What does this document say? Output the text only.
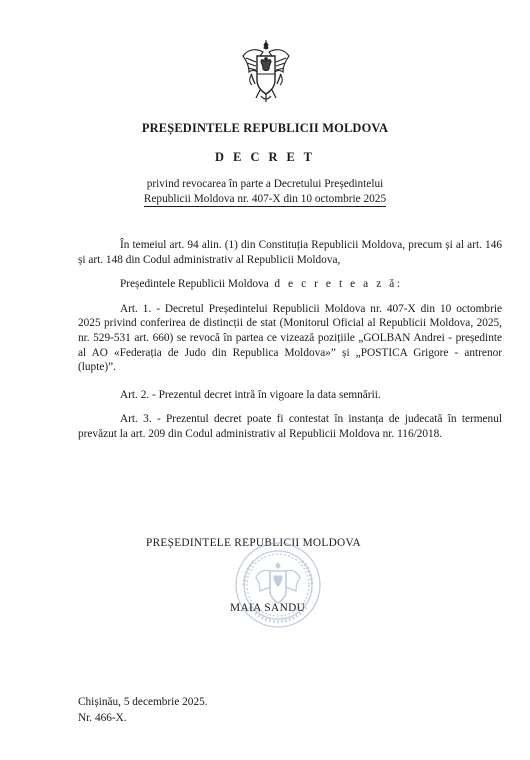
PREȘEDINTELE REPUBLICII MOLDOVA
D E C R E T
privind revocarea în parte a Decretului Președintelui
Republicii Moldova nr. 407-X din 10 octombrie 2025

În temeiul art. 94 alin. (1) din Constituția Republicii Moldova, precum și al art. 146 și art. 148 din Codul administrativ al Republicii Moldova,

Președintele Republicii Moldova d e c r e t e a z ă:

Art. 1. - Decretul Președintelui Republicii Moldova nr. 407-X din 10 octombrie 2025 privind conferirea de distincții de stat (Monitorul Oficial al Republicii Moldova, 2025, nr. 529-531 art. 660) se revocă în partea ce vizează pozițiile „GOLBAN Andrei - președinte al AO «Federația de Judo din Republica Moldova»” și „POSTICA Grigore - antrenor (lupte)”.

Art. 2. - Prezentul decret intră în vigoare la data semnării.

Art. 3. - Prezentul decret poate fi contestat în instanța de judecată în termenul prevăzut la art. 209 din Codul administrativ al Republicii Moldova nr. 116/2018.

PREȘEDINTELE REPUBLICII MOLDOVA
MAIA SANDU
Chișinău, 5 decembrie 2025.
Nr. 466-X.
